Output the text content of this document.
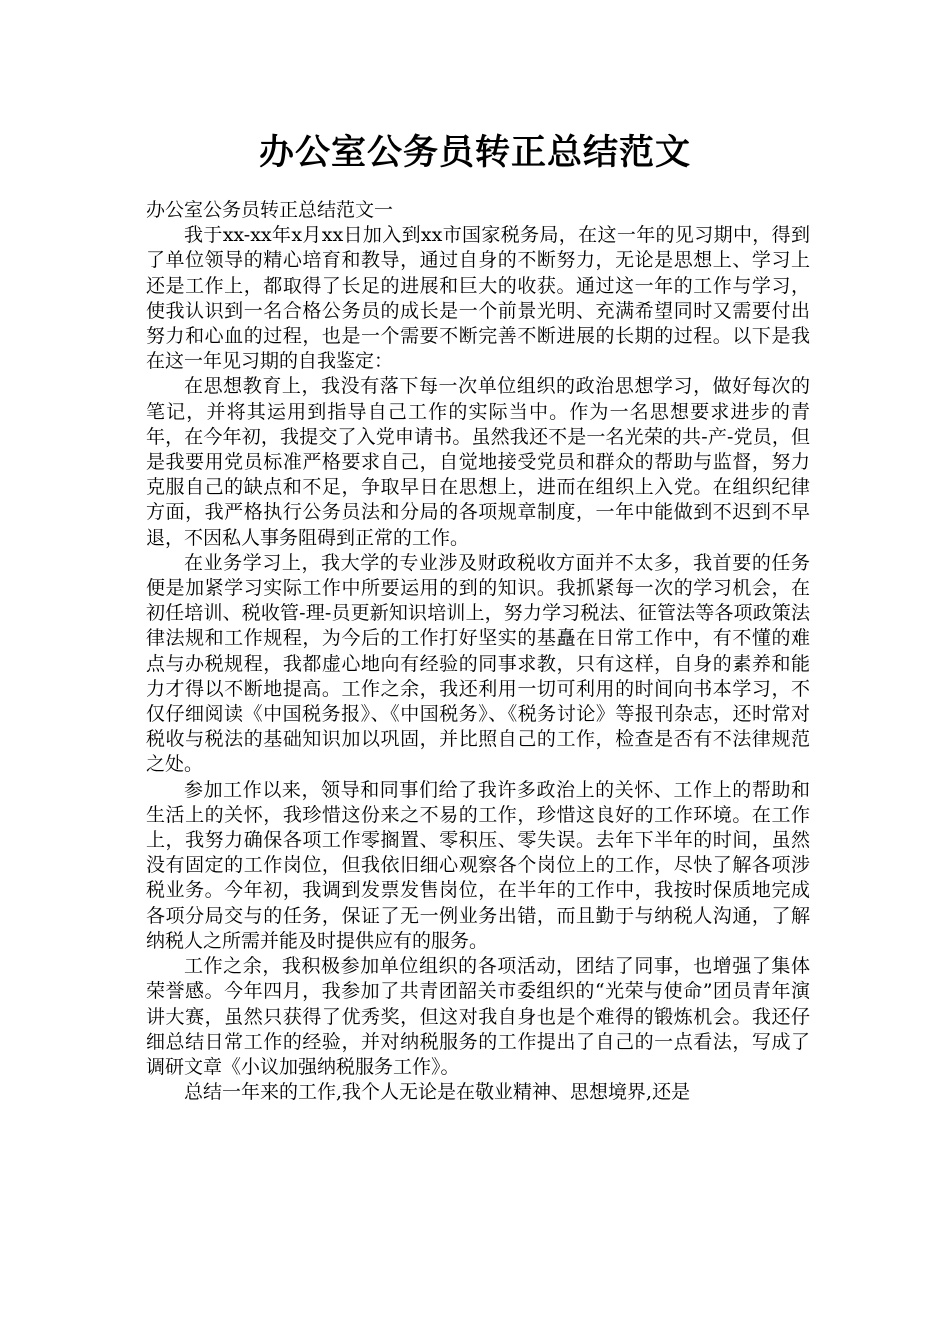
办公室公务员转正总结范文

办公室公务员转正总结范文一

我于xx-xx年x月xx日加入到xx市国家税务局，在这一年的见习期中，得到了单位领导的精心培育和教导，通过自身的不断努力，无论是思想上、学习上还是工作上，都取得了长足的进展和巨大的收获。通过这一年的工作与学习，使我认识到一名合格公务员的成长是一个前景光明、充满希望同时又需要付出努力和心血的过程，也是一个需要不断完善不断进展的长期的过程。以下是我在这一年见习期的自我鉴定：

在思想教育上，我没有落下每一次单位组织的政治思想学习，做好每次的笔记，并将其运用到指导自己工作的实际当中。作为一名思想要求进步的青年，在今年初，我提交了入党申请书。虽然我还不是一名光荣的共-产-党员，但是我要用党员标准严格要求自己，自觉地接受党员和群众的帮助与监督，努力克服自己的缺点和不足，争取早日在思想上，进而在组织上入党。在组织纪律方面，我严格执行公务员法和分局的各项规章制度，一年中能做到不迟到不早退，不因私人事务阻碍到正常的工作。

在业务学习上，我大学的专业涉及财政税收方面并不太多，我首要的任务便是加紧学习实际工作中所要运用的到的知识。我抓紧每一次的学习机会，在初任培训、税收管-理-员更新知识培训上，努力学习税法、征管法等各项政策法律法规和工作规程，为今后的工作打好坚实的基矗在日常工作中，有不懂的难点与办税规程，我都虚心地向有经验的同事求教，只有这样，自身的素养和能力才得以不断地提高。工作之余，我还利用一切可利用的时间向书本学习，不仅仔细阅读《中国税务报》、《中国税务》、《税务讨论》等报刊杂志，还时常对税收与税法的基础知识加以巩固，并比照自己的工作，检查是否有不法律规范之处。

参加工作以来，领导和同事们给了我许多政治上的关怀、工作上的帮助和生活上的关怀，我珍惜这份来之不易的工作，珍惜这良好的工作环境。在工作上，我努力确保各项工作零搁置、零积压、零失误。去年下半年的时间，虽然没有固定的工作岗位，但我依旧细心观察各个岗位上的工作，尽快了解各项涉税业务。今年初，我调到发票发售岗位，在半年的工作中，我按时保质地完成各项分局交与的任务，保证了无一例业务出错，而且勤于与纳税人沟通，了解纳税人之所需并能及时提供应有的服务。

工作之余，我积极参加单位组织的各项活动，团结了同事，也增强了集体荣誉感。今年四月，我参加了共青团韶关市委组织的“光荣与使命”团员青年演讲大赛，虽然只获得了优秀奖，但这对我自身也是个难得的锻炼机会。我还仔细总结日常工作的经验，并对纳税服务的工作提出了自己的一点看法，写成了调研文章《小议加强纳税服务工作》。

总结一年来的工作,我个人无论是在敬业精神、思想境界,还是
